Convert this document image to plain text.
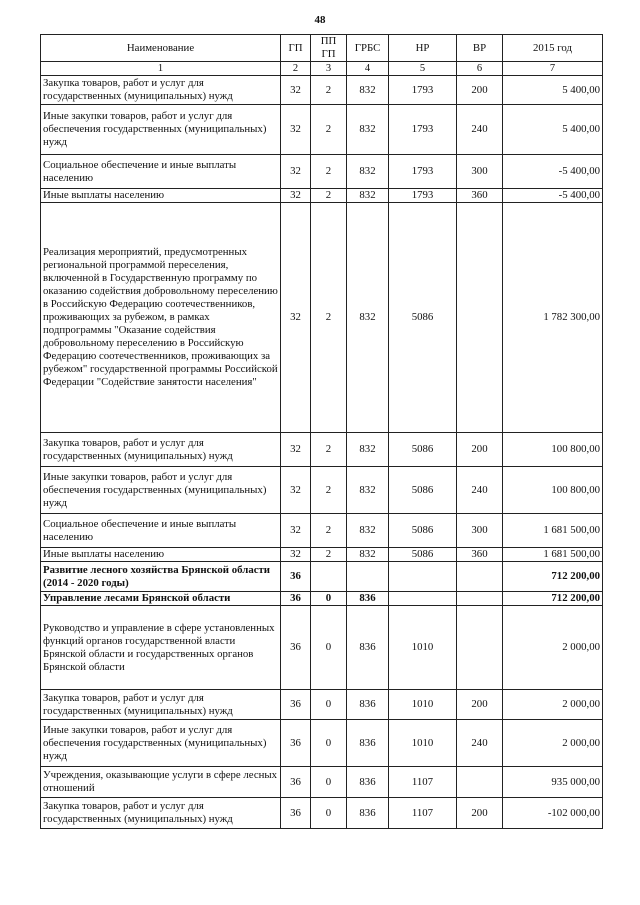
48
Наименование	ГП	ПП ГП	ГРБС	НР	ВР	2015 год
1	2	3	4	5	6	7
Закупка товаров, работ и услуг для государственных (муниципальных) нужд	32	2	832	1793	200	5 400,00
Иные закупки товаров, работ и услуг для обеспечения государственных (муниципальных) нужд	32	2	832	1793	240	5 400,00
Социальное обеспечение и иные выплаты населению	32	2	832	1793	300	-5 400,00
Иные выплаты населению	32	2	832	1793	360	-5 400,00
Реализация мероприятий, предусмотренных региональной программой переселения, включенной в Государственную программу по оказанию содействия добровольному переселению в Российскую Федерацию соотечественников, проживающих за рубежом, в рамках подпрограммы "Оказание содействия добровольному переселению в Российскую Федерацию соотечественников, проживающих за рубежом" государственной программы Российской Федерации "Содействие занятости населения"	32	2	832	5086		1 782 300,00
Закупка товаров, работ и услуг для государственных (муниципальных) нужд	32	2	832	5086	200	100 800,00
Иные закупки товаров, работ и услуг для обеспечения государственных (муниципальных) нужд	32	2	832	5086	240	100 800,00
Социальное обеспечение и иные выплаты населению	32	2	832	5086	300	1 681 500,00
Иные выплаты населению	32	2	832	5086	360	1 681 500,00
Развитие лесного хозяйства Брянской области (2014 - 2020 годы)	36					712 200,00
Управление лесами Брянской области	36	0	836			712 200,00
Руководство и управление в сфере установленных функций органов государственной власти Брянской области и государственных органов Брянской области	36	0	836	1010		2 000,00
Закупка товаров, работ и услуг для государственных (муниципальных) нужд	36	0	836	1010	200	2 000,00
Иные закупки товаров, работ и услуг для обеспечения государственных (муниципальных) нужд	36	0	836	1010	240	2 000,00
Учреждения, оказывающие услуги в сфере лесных отношений	36	0	836	1107		935 000,00
Закупка товаров, работ и услуг для государственных (муниципальных) нужд	36	0	836	1107	200	-102 000,00
